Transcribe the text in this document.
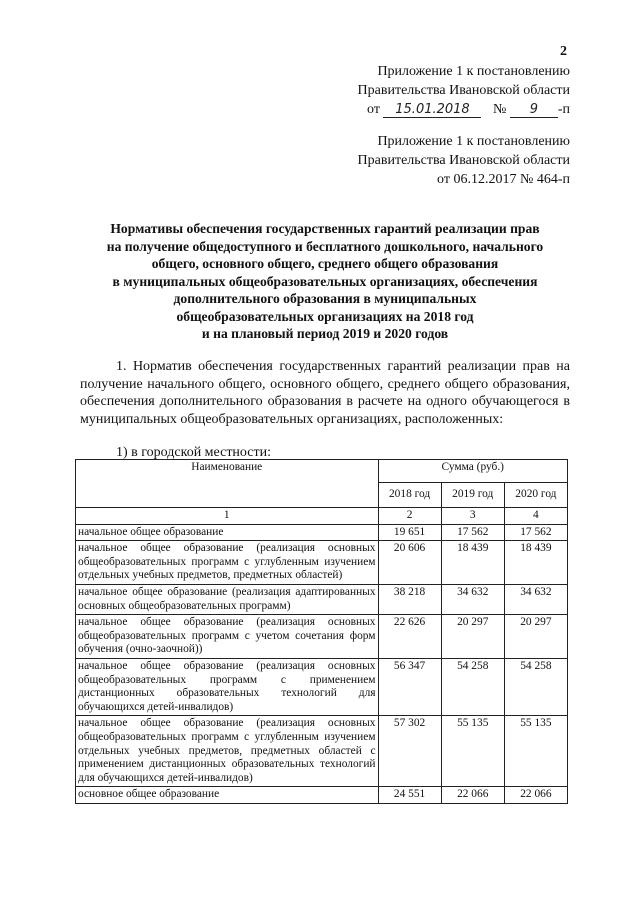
2
Приложение 1 к постановлению
Правительства Ивановской области
от 15.01.2018 № 9 -п
Приложение 1 к постановлению
Правительства Ивановской области
от 06.12.2017 № 464-п
Нормативы обеспечения государственных гарантий реализации прав
на получение общедоступного и бесплатного дошкольного, начального
общего, основного общего, среднего общего образования
в муниципальных общеобразовательных организациях, обеспечения
дополнительного образования в муниципальных
общеобразовательных организациях на 2018 год
и на плановый период 2019 и 2020 годов
1. Норматив обеспечения государственных гарантий реализации прав на получение начального общего, основного общего, среднего общего образования, обеспечения дополнительного образования в расчете на одного обучающегося в муниципальных общеобразовательных организациях, расположенных:
1) в городской местности:
Наименование	Сумма (руб.)		
	2018 год	2019 год	2020 год
1	2	3	4
начальное общее образование	19 651	17 562	17 562
начальное общее образование (реализация основных общеобразовательных программ с углубленным изучением отдельных учебных предметов, предметных областей)	20 606	18 439	18 439
начальное общее образование (реализация адаптированных основных общеобразовательных программ)	38 218	34 632	34 632
начальное общее образование (реализация основных общеобразовательных программ с учетом сочетания форм обучения (очно-заочной))	22 626	20 297	20 297
начальное общее образование (реализация основных общеобразовательных программ с применением дистанционных образовательных технологий для обучающихся детей-инвалидов)	56 347	54 258	54 258
начальное общее образование (реализация основных общеобразовательных программ с углубленным изучением отдельных учебных предметов, предметных областей с применением дистанционных образовательных технологий для обучающихся детей-инвалидов)	57 302	55 135	55 135
основное общее образование	24 551	22 066	22 066
